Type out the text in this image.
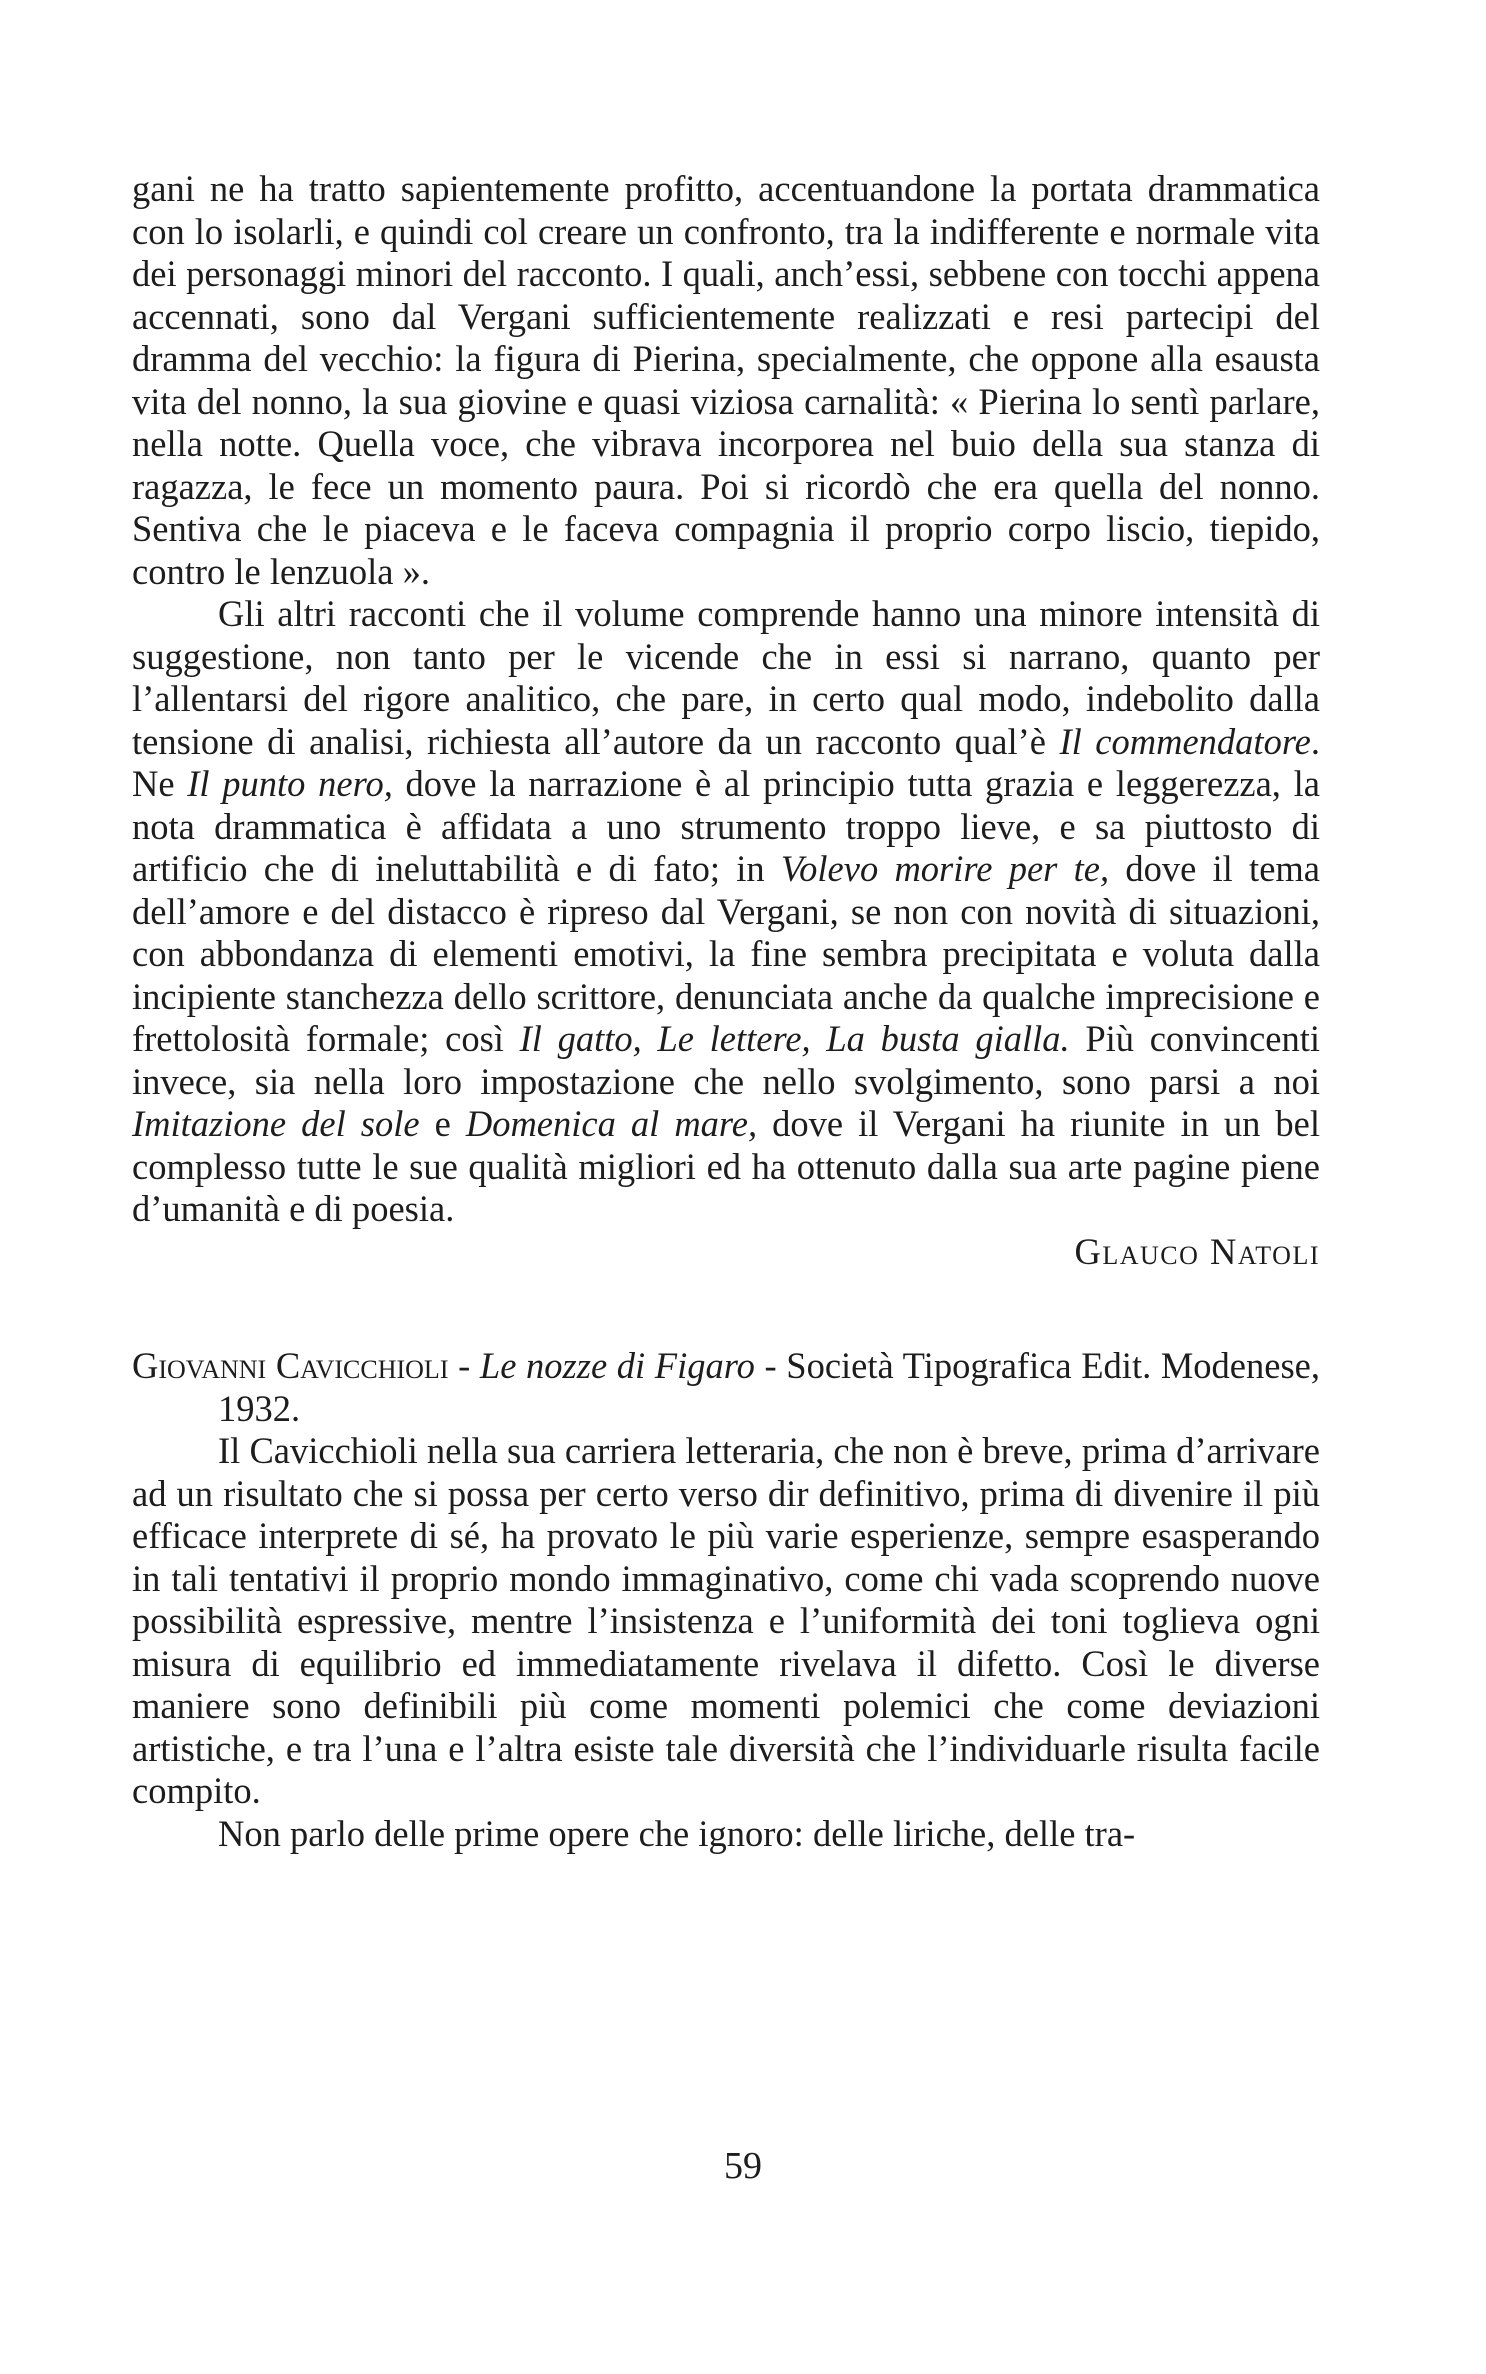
gani ne ha tratto sapientemente profitto, accentuandone la portata drammatica con lo isolarli, e quindi col creare un confronto, tra la indifferente e normale vita dei personaggi minori del racconto. I quali, anch’essi, sebbene con tocchi appena accennati, sono dal Vergani sufficientemente realizzati e resi partecipi del dramma del vecchio: la figura di Pierina, specialmente, che oppone alla esausta vita del nonno, la sua giovine e quasi viziosa carnalità: « Pierina lo sentì parlare, nella notte. Quella voce, che vibrava incorporea nel buio della sua stanza di ragazza, le fece un momento paura. Poi si ricordò che era quella del nonno. Sentiva che le piaceva e le faceva compagnia il proprio corpo liscio, tiepido, contro le lenzuola ».

Gli altri racconti che il volume comprende hanno una minore intensità di suggestione, non tanto per le vicende che in essi si narrano, quanto per l’allentarsi del rigore analitico, che pare, in certo qual modo, indebolito dalla tensione di analisi, richiesta all’autore da un racconto qual’è Il commendatore. Ne Il punto nero, dove la narrazione è al principio tutta grazia e leggerezza, la nota drammatica è affidata a uno strumento troppo lieve, e sa piuttosto di artificio che di ineluttabilità e di fato; in Volevo morire per te, dove il tema dell’amore e del distacco è ripreso dal Vergani, se non con novità di situazioni, con abbondanza di elementi emotivi, la fine sembra precipitata e voluta dalla incipiente stanchezza dello scrittore, denunciata anche da qualche imprecisione e frettolosità formale; così Il gatto, Le lettere, La busta gialla. Più convincenti invece, sia nella loro impostazione che nello svolgimento, sono parsi a noi Imitazione del sole e Domenica al mare, dove il Vergani ha riunite in un bel complesso tutte le sue qualità migliori ed ha ottenuto dalla sua arte pagine piene d’umanità e di poesia.

Glauco Natoli

Giovanni Cavicchioli - Le nozze di Figaro - Società Tipografica Edit. Modenese, 1932.

Il Cavicchioli nella sua carriera letteraria, che non è breve, prima d’arrivare ad un risultato che si possa per certo verso dir definitivo, prima di divenire il più efficace interprete di sé, ha provato le più varie esperienze, sempre esasperando in tali tentativi il proprio mondo immaginativo, come chi vada scoprendo nuove possibilità espressive, mentre l’insistenza e l’uniformità dei toni toglieva ogni misura di equilibrio ed immediatamente rivelava il difetto. Così le diverse maniere sono definibili più come momenti polemici che come deviazioni artistiche, e tra l’una e l’altra esiste tale diversità che l’individuarle risulta facile compito.

Non parlo delle prime opere che ignoro: delle liriche, delle tra-

59
